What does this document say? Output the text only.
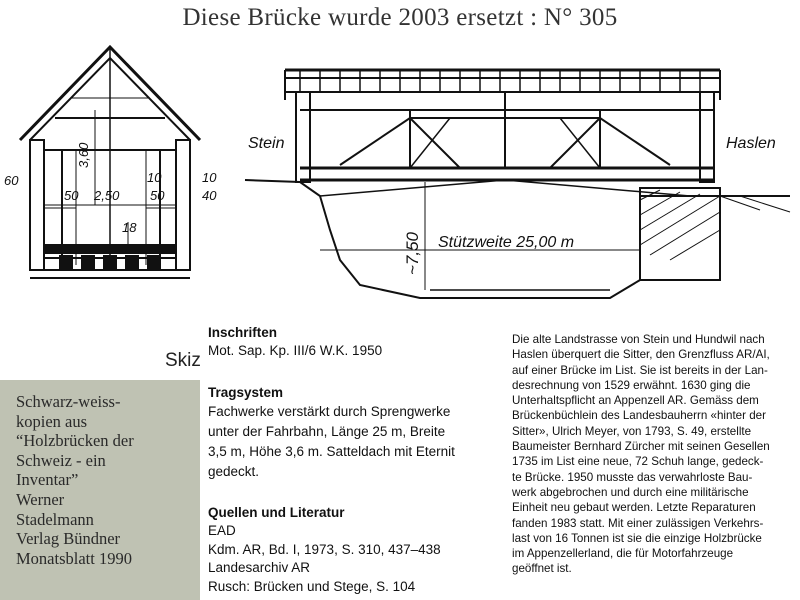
Diese Brücke wurde 2003 ersetzt : N° 305
3,60
2,50
60
50	50
10	10
40
18
Stein	Haslen
~7,50 Stützweite 25,00 m
Skiz
Schwarz-weiss-
kopien aus
“Holzbrücken der
Schweiz - ein
Inventar”
Werner
Stadelmann
Verlag Bündner
Monatsblatt 1990
Inschriften

Mot. Sap. Kp. III/6 W.K. 1950

Tragsystem

Fachwerke verstärkt durch Sprengwerke
unter der Fahrbahn, Länge 25 m, Breite
3,5 m, Höhe 3,6 m. Satteldach mit Eternit
gedeckt.

Quellen und Literatur

EAD
Kdm. AR, Bd. I, 1973, S. 310, 437–438
Landesarchiv AR
Rusch: Brücken und Stege, S. 104

Die alte Landstrasse von Stein und Hundwil nach
Haslen überquert die Sitter, den Grenzfluss AR/AI,
auf einer Brücke im List. Sie ist bereits in der Lan-
desrechnung von 1529 erwähnt. 1630 ging die
Unterhaltspflicht an Appenzell AR. Gemäss dem
Brückenbüchlein des Landesbauherrn «hinter der
Sitter», Ulrich Meyer, von 1793, S. 49, erstellte
Baumeister Bernhard Zürcher mit seinen Gesellen
1735 im List eine neue, 72 Schuh lange, gedeck-
te Brücke. 1950 musste das verwahrloste Bau-
werk abgebrochen und durch eine militärische
Einheit neu gebaut werden. Letzte Reparaturen
fanden 1983 statt. Mit einer zulässigen Verkehrs-
last von 16 Tonnen ist sie die einzige Holzbrücke
im Appenzellerland, die für Motorfahrzeuge
geöffnet ist.
